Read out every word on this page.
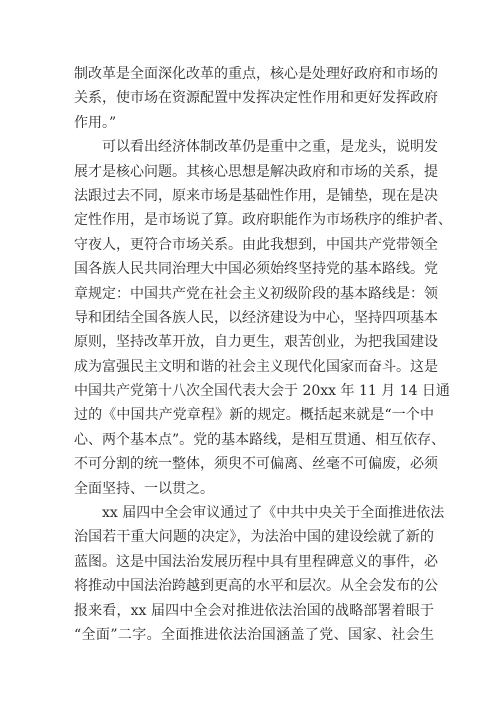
制改革是全面深化改革的重点，核心是处理好政府和市场的
关系，使市场在资源配置中发挥决定性作用和更好发挥政府
作用。”
可以看出经济体制改革仍是重中之重，是龙头，说明发
展才是核心问题。其核心思想是解决政府和市场的关系，提
法跟过去不同，原来市场是基础性作用，是铺垫，现在是决
定性作用，是市场说了算。政府职能作为市场秩序的维护者、
守夜人，更符合市场关系。由此我想到，中国共产党带领全
国各族人民共同治理大中国必须始终坚持党的基本路线。党
章规定：中国共产党在社会主义初级阶段的基本路线是：领
导和团结全国各族人民，以经济建设为中心，坚持四项基本
原则，坚持改革开放，自力更生，艰苦创业，为把我国建设
成为富强民主文明和谐的社会主义现代化国家而奋斗。这是
中国共产党第十八次全国代表大会于 20xx 年 11 月 14 日通
过的《中国共产党章程》新的规定。概括起来就是“一个中
心、两个基本点”。党的基本路线，是相互贯通、相互依存、
不可分割的统一整体，须臾不可偏离、丝毫不可偏废，必须
全面坚持、一以贯之。
xx 届四中全会审议通过了《中共中央关于全面推进依法
治国若干重大问题的决定》，为法治中国的建设绘就了新的
蓝图。这是中国法治发展历程中具有里程碑意义的事件，必
将推动中国法治跨越到更高的水平和层次。从全会发布的公
报来看，xx 届四中全会对推进依法治国的战略部署着眼于
“全面”二字。全面推进依法治国涵盖了党、国家、社会生
